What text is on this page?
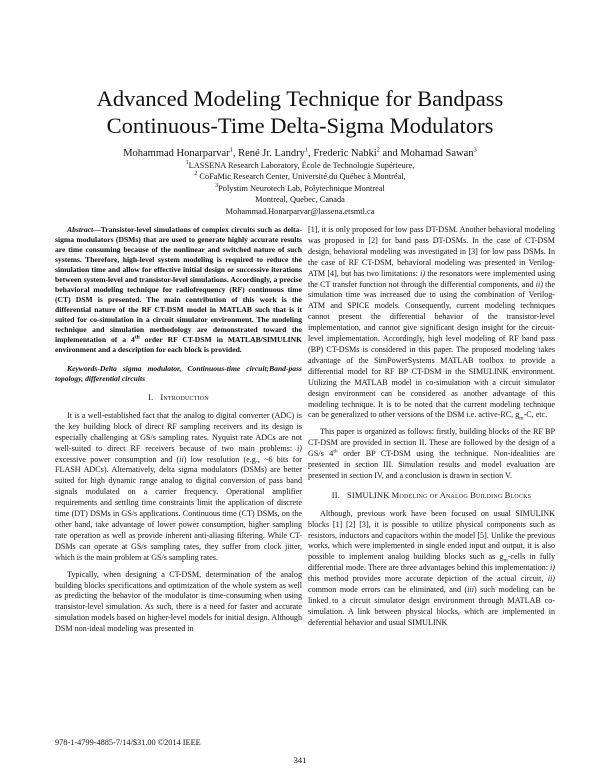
Advanced Modeling Technique for Bandpass Continuous-Time Delta-Sigma Modulators
Mohammad Honarparvar$^1$, René Jr. Landry$^1$, Frederic Nabki$^2$ and Mohamad Sawan$^3$
$^1$LASSENA Research Laboratory, École de Technologie Supérieure,
$^2$ CoFaMic Research Center, Université du Québec à Montréal,
$^3$Polystim Neurotech Lab, Polytechnique Montreal
Montreal, Quebec, Canada
Mohammad.Honarparvar@lassena.etsmtl.ca

Abstract—Transistor-level simulations of complex circuits such as delta-sigma modulators (DSMs) that are used to generate highly accurate results are time consuming because of the nonlinear and switched nature of such systems. Therefore, high-level system modeling is required to reduce the simulation time and allow for effective initial design or successive iterations between system-level and transistor-level simulations. Accordingly, a precise behavioral modeling technique for radiofrequency (RF) continuous time (CT) DSM is presented. The main contribution of this work is the differential nature of the RF CT-DSM model in MATLAB such that is it suited for co-simulation in a circuit simulator environment. The modeling technique and simulation methodology are demonstrated toward the implementation of a 4th order RF CT-DSM in MATLAB/SIMULINK environment and a description for each block is provided.

Keywords-Delta sigma modulator, Continuous-time circuit;Band-pass topology, differential circuits

I. Introduction

It is a well-established fact that the analog to digital converter (ADC) is the key building block of direct RF sampling receivers and its design is especially challenging at GS/s sampling rates. Nyquist rate ADCs are not well-suited to direct RF receivers because of two main problems: i) excessive power consumption and (ii) low resolution (e.g., ~6 bits for FLASH ADCs). Alternatively, delta sigma modulators (DSMs) are better suited for high dynamic range analog to digital conversion of pass band signals modulated on a carrier frequency. Operational amplifier requirements and settling time constraints limit the application of discrete time (DT) DSMs in GS/s applications. Continuous time (CT) DSMs, on the other hand, take advantage of lower power consumption, higher sampling rate operation as well as provide inherent anti-aliasing filtering. While CT-DSMs can operate at GS/s sampling rates, they suffer from clock jitter, which is the main problem at GS/s sampling rates.

Typically, when designing a CT-DSM, determination of the analog building blocks specifications and optimization of the whole system as well as predicting the behavior of the modulator is time-consuming when using transistor-level simulation. As such, there is a need for faster and accurate simulation models based on higher-level models for initial design. Although DSM non-ideal modeling was presented in

[1], it is only proposed for low pass DT-DSM. Another behavioral modeling was proposed in [2] for band pass DT-DSMs. In the case of CT-DSM design, behavioral modeling was investigated in [3] for low pass DSMs. In the case of RF CT-DSM, behavioral modeling was presented in Verilog-ATM [4], but has two limitations: i) the resonators were implemented using the CT transfer function not through the differential components, and ii) the simulation time was increased due to using the combination of Verilog-ATM and SPICE models. Consequently, current modeling techniques cannot present the differential behavior of the transistor-level implementation, and cannot give significant design insight for the circuit-level implementation. Accordingly, high level modeling of RF band pass (BP) CT-DSMs is considered in this paper. The proposed modeling takes advantage of the SimPowerSystems MATLAB toolbox to provide a differential model for RF BP CT-DSM in the SIMULINK environment. Utilizing the MATLAB model in co-simulation with a circuit simulator design environment can be considered as another advantage of this modeling technique. It is to be noted that the current modeling technique can be generalized to other versions of the DSM i.e. active-RC, $g_m-C$, etc.

This paper is organized as follows: firstly, building blocks of the RF BP CT-DSM are provided in section II. These are followed by the design of a GS/s 4th order BP CT-DSM using the technique. Non-idealities are presented in section III. Simulation results and model evaluation are presented in section IV, and a conclusion is drawn in section V.

II. SIMULINK Modeling of Analog Building Blocks

Although, previous work have been focused on usual SIMULINK blocks [1] [2] [3], it is possible to utilize physical components such as resistors, inductors and capacitors within the model [5]. Unlike the previous works, which were implemented in single ended input and output, it is also possible to implement analog building blocks such as $g_m$-cells in fully differential mode. There are three advantages behind this implementation: i) this method provides more accurate depiction of the actual circuit, ii) common mode errors can be eliminated, and (iii) such modeling can be linked to a circuit simulator design environment through MATLAB co-simulation. A link between physical blocks, which are implemented in deferential behavior and usual SIMULINK

978-1-4799-4885-7/14/$31.00 ©2014 IEEE
341
